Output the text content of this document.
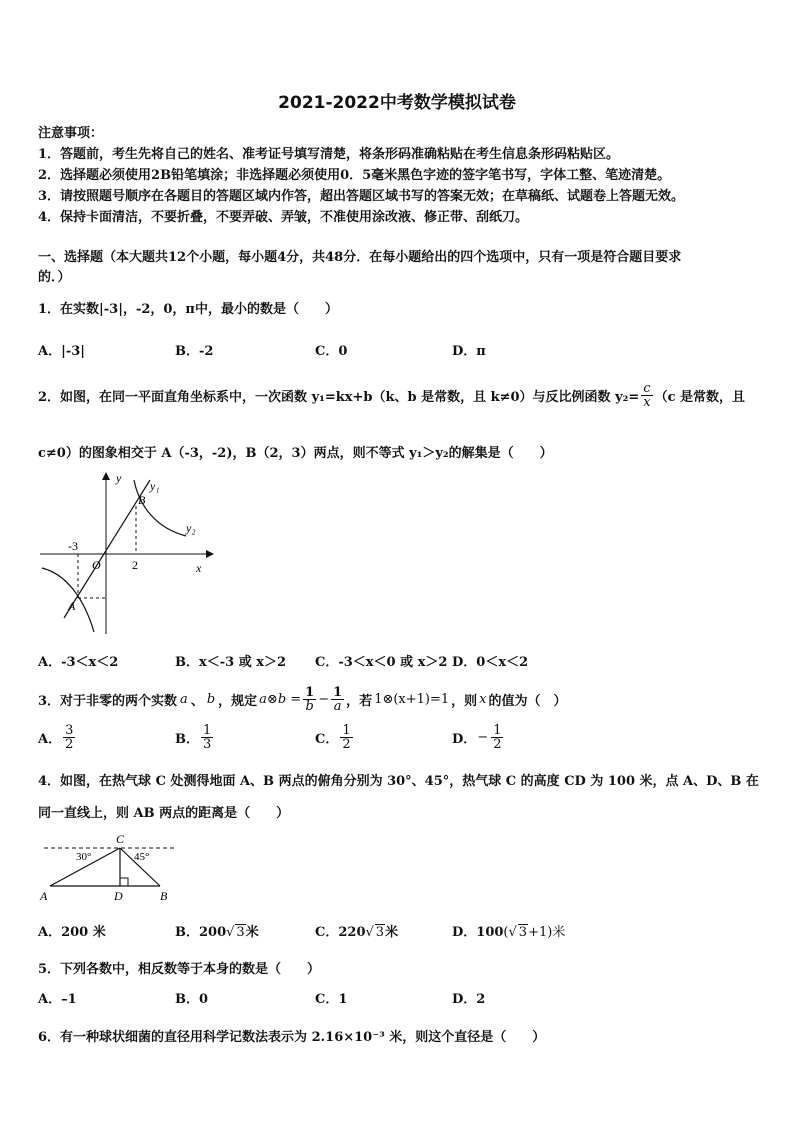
2021-2022中考数学模拟试卷
注意事项：
1．答题前，考生先将自己的姓名、准考证号填写清楚，将条形码准确粘贴在考生信息条形码粘贴区。
2．选择题必须使用2B铅笔填涂；非选择题必须使用0．5毫米黑色字迹的签字笔书写，字体工整、笔迹清楚。
3．请按照题号顺序在各题目的答题区域内作答，超出答题区域书写的答案无效；在草稿纸、试题卷上答题无效。
4．保持卡面清洁，不要折叠，不要弄破、弄皱，不准使用涂改液、修正带、刮纸刀。
一、选择题（本大题共12个小题，每小题4分，共48分．在每小题给出的四个选项中，只有一项是符合题目要求
的．）
1．在实数|-3|，-2，0，π中，最小的数是（　　）
A．|-3|	B．-2	C．0	D．π
2．如图，在同一平面直角坐标系中，一次函数 y₁=kx+b（k、b 是常数，且 k≠0）与反比例函数 $y_2= \frac{c}{x} (c$ 是常数，且
c≠0）的图象相交于 A（-3，-2)，B（2，3）两点，则不等式 y₁＞y₂的解集是（　　）
y
x
O
B
A
y₁
y₂
-3
2
A．-3＜x＜2	B．x＜-3 或 x＞2 C．-3＜x＜0 或 x＞2 D．0＜x＜2
3．对于非零的两个实数 a 、 b ，规定 a⊗b = $\frac{1}{b} - \frac{1}{a}$ ，若 1⊗(x+1)=1 ，则 x 的值为（　）
A． $\frac{3}{2}$	B． $\frac{1}{3}$	C． $\frac{1}{2}$	D． − $\frac{1}{2}$
4．如图，在热气球 C 处测得地面 A、B 两点的俯角分别为 30°、45°，热气球 C 的高度 CD 为 100 米，点 A、D、B 在
同一直线上，则 AB 两点的距离是（　　）
C
A	D	B
30°	45°
A．200 米	B．200√ 3米	C．220√ 3米	D．100(√ 3+1)米
5．下列各数中，相反数等于本身的数是（　　）
A．–1	B．0	C．1	D．2
6．有一种球状细菌的直径用科学记数法表示为 2.16×10⁻³ 米，则这个直径是（　　）
